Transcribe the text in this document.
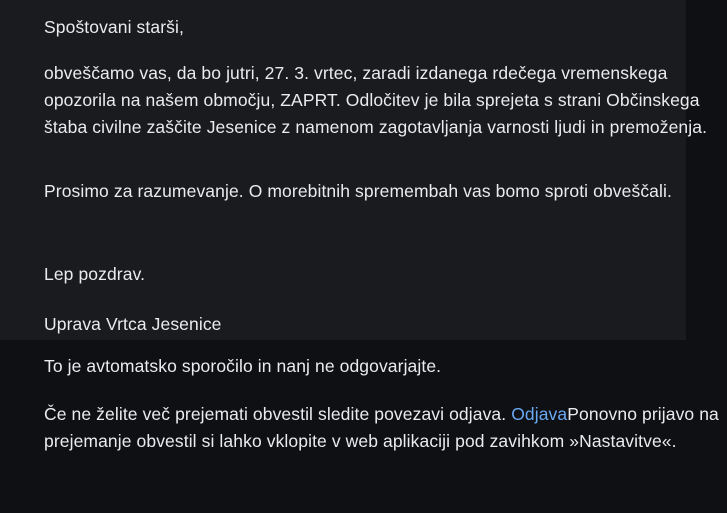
Spoštovani starši,

obveščamo vas, da bo jutri, 27. 3. vrtec, zaradi izdanega rdečega vremenskega opozorila na našem območju, ZAPRT. Odločitev je bila sprejeta s strani Občinskega štaba civilne zaščite Jesenice z namenom zagotavljanja varnosti ljudi in premoženja.

Prosimo za razumevanje. O morebitnih spremembah vas bomo sproti obveščali.

Lep pozdrav.

Uprava Vrtca Jesenice

To je avtomatsko sporočilo in nanj ne odgovarjajte.

Če ne želite več prejemati obvestil sledite povezavi odjava. OdjavaPonovno prijavo na prejemanje obvestil si lahko vklopite v web aplikaciji pod zavihkom »Nastavitve«.
